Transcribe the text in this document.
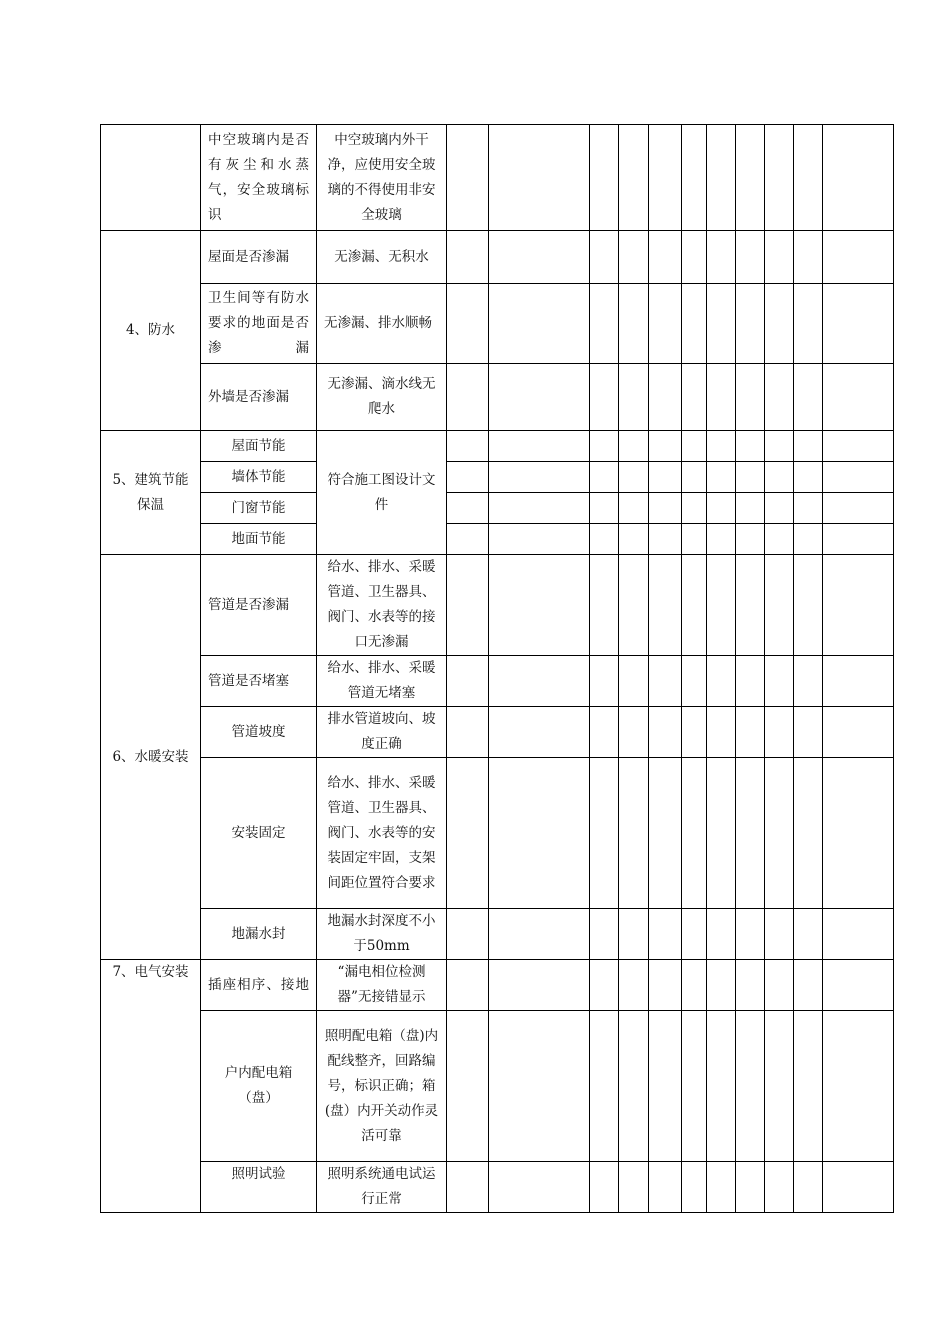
	中空玻璃内是否有灰尘和水蒸气，安全玻璃标识	中空玻璃内外干净，应使用安全玻璃的不得使用非安全玻璃											
4、防水	屋面是否渗漏	无渗漏、无积水											
	卫生间等有防水要求的地面是否渗漏	无渗漏、排水顺畅											
	外墙是否渗漏	无渗漏、滴水线无爬水											
5、建筑节能保温	屋面节能	符合施工图设计文件											
	墙体节能												
	门窗节能												
	地面节能												
6、水暖安装	管道是否渗漏	给水、排水、采暖管道、卫生器具、阀门、水表等的接口无渗漏											
	管道是否堵塞	给水、排水、采暖管道无堵塞											
	管道坡度	排水管道坡向、坡度正确											
	安装固定	给水、排水、采暖管道、卫生器具、阀门、水表等的安装固定牢固，支架间距位置符合要求											
	地漏水封	地漏水封深度不小于50mm											
7、电气安装	插座相序、接地	“漏电相位检测器”无接错显示											
	户内配电箱（盘）	照明配电箱（盘)内配线整齐，回路编号，标识正确；箱(盘）内开关动作灵活可靠											
	照明试验	照明系统通电试运行正常											
